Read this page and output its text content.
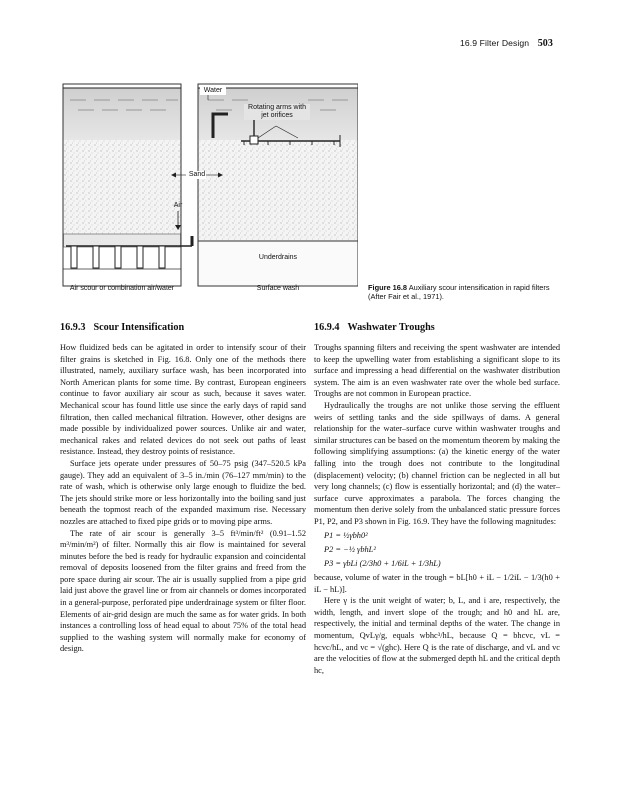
16.9 Filter Design 503
Water
Rotating arms with jet orifices
Sand
Air
Underdrains
Air scour or combination air/water	Surface wash	Figure 16.8 Auxiliary scour intensification in rapid filters (After Fair et al., 1971).
16.9.3 Scour Intensification

How fluidized beds can be agitated in order to intensify scour of their filter grains is sketched in Fig. 16.8. Only one of the methods there illustrated, namely, auxiliary surface wash, has been incorporated into North American plants for some time. By contrast, European engineers continue to favor auxiliary air scour as such, because it saves water. Mechanical scour has found little use since the early days of rapid sand filtration, then called mechanical filtration. However, other designs are made possible by individualized power sources. Unlike air and water, mechanical rakes and related devices do not seek out paths of least resistance. Instead, they destroy points of resistance.

Surface jets operate under pressures of 50–75 psig (347–520.5 kPa gauge). They add an equivalent of 3–5 in./min (76–127 mm/min) to the rate of wash, which is otherwise only large enough to fluidize the bed. The jets should strike more or less horizontally into the boiling sand just beneath the topmost reach of the expanded maximum rise. Necessary nozzles are attached to fixed pipe grids or to moving pipe arms.

The rate of air scour is generally 3–5 ft³/min/ft² (0.91–1.52 m³/min/m²) of filter. Normally this air flow is maintained for several minutes before the bed is ready for hydraulic expansion and coincidental removal of deposits loosened from the filter grains and freed from the pore space during air scour. The air is usually supplied from a pipe grid laid just above the gravel line or from air channels or domes incorporated in a general-purpose, perforated pipe underdrainage system or filter floor. Elements of air-grid design are much the same as for water grids. In both instances a controlling loss of head equal to about 75% of the total head supplied to the washing system will normally make for economy of design.

16.9.4 Washwater Troughs

Troughs spanning filters and receiving the spent washwater are intended to keep the upwelling water from establishing a significant slope to its surface and impressing a head differential on the washwater distribution system. The aim is an even washwater rate over the whole bed surface. Troughs are not common in European practice.

Hydraulically the troughs are not unlike those serving the effluent weirs of settling tanks and the side spillways of dams. A general relationship for the water–surface curve within washwater troughs and similar structures can be based on the momentum theorem by making the following simplifying assumptions: (a) the kinetic energy of the water falling into the trough does not contribute to the longitudinal (displacement) velocity; (b) channel friction can be neglected in all but very long channels; (c) flow is essentially horizontal; and (d) the water–surface curve approximates a parabola. The forces changing the momentum then derive solely from the unbalanced static pressure forces P1, P2, and P3 shown in Fig. 16.9. They have the following magnitudes:

P1 = ½γbh0²
P2 = −½ γbhL²
P3 = γbLi (2/3h0 + 1/6iL + 1/3hL)

because, volume of water in the trough = bL[h0 + iL − 1/2iL − 1/3(h0 + iL − hL)].

Here γ is the unit weight of water; b, L, and i are, respectively, the width, length, and invert slope of the trough; and h0 and hL are, respectively, the initial and terminal depths of the water. The change in momentum, QvLγ/g, equals wbhc³/hL, because Q = bhcvc, vL = hcvc/hL, and vc = √(ghc). Here Q is the rate of discharge, and vL and vc are the velocities of flow at the submerged depth hL and the critical depth hc,
